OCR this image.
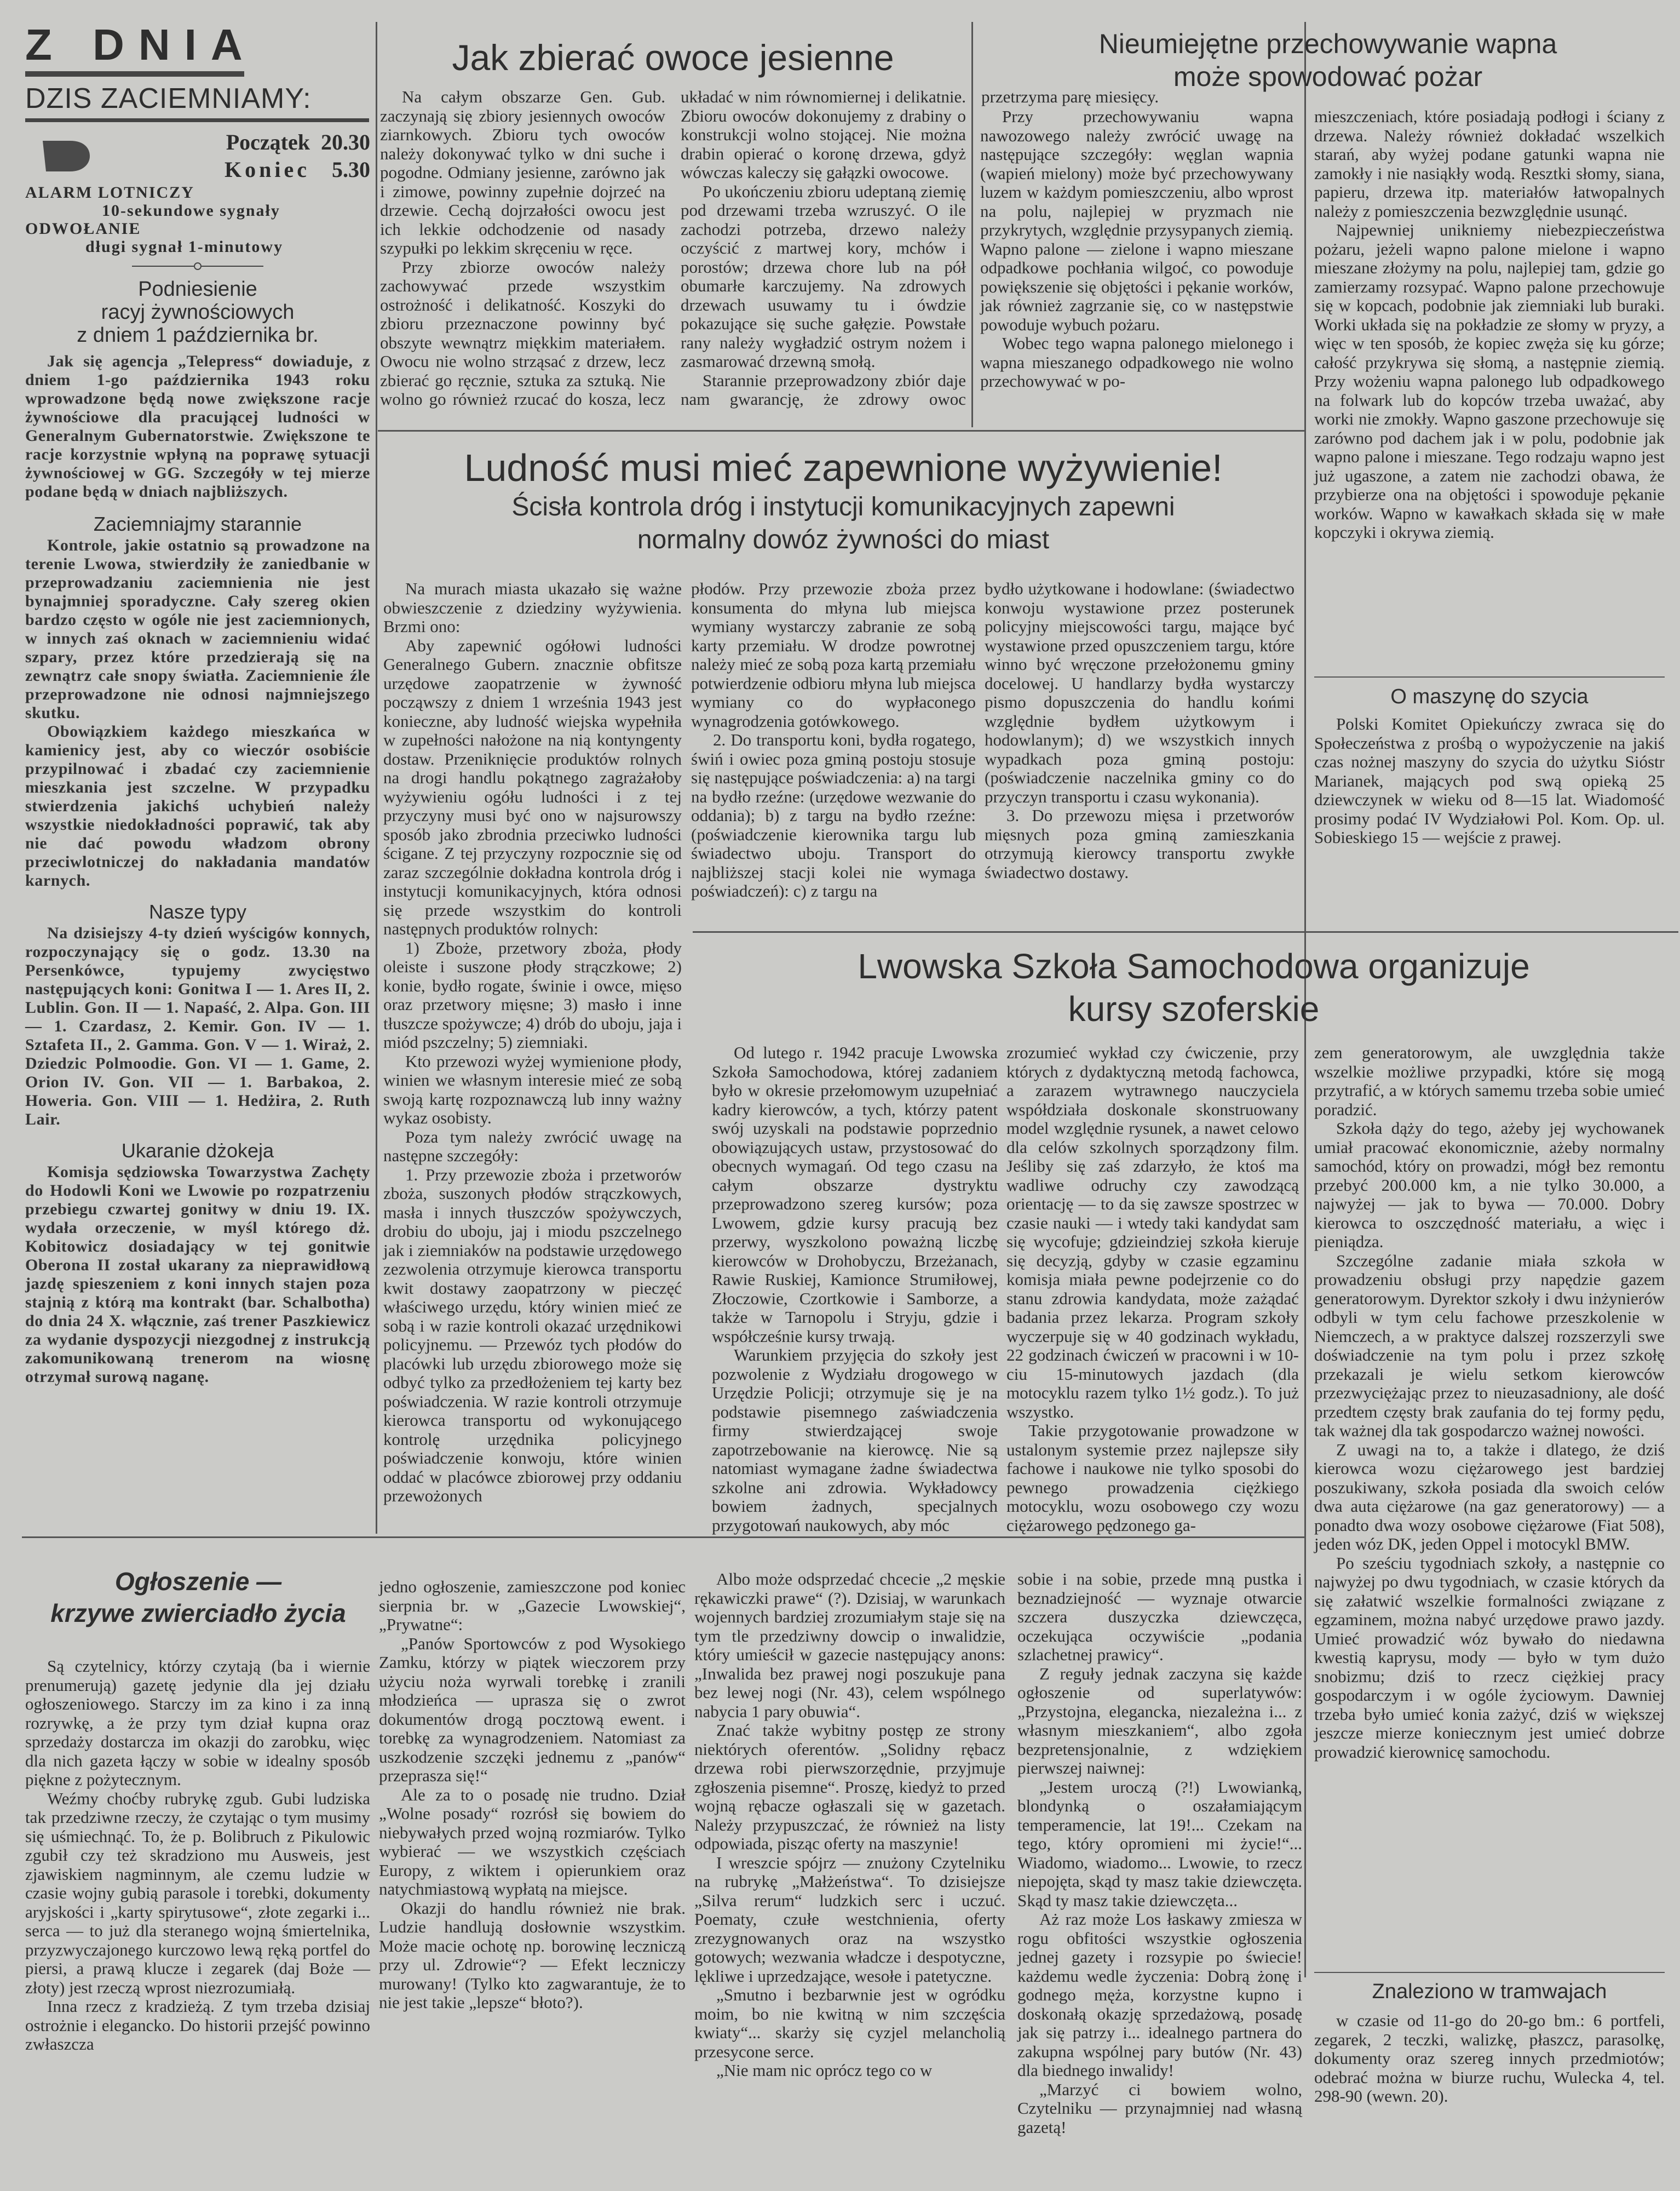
Z DNIA
DZIS ZACIEMNIAMY:
Początek 20.30
Koniec 5.30
ALARM LOTNICZY
10-sekundowe sygnały
ODWOŁANIE
długi sygnał 1-minutowy
Podniesienie
racyj żywnościowych
z dniem 1 października br.

Jak się agencja „Telepress“ dowiaduje, z dniem 1-go października 1943 roku wprowadzone będą nowe zwiększone racje żywnościowe dla pracującej ludności w Generalnym Gubernatorstwie. Zwiększone te racje korzystnie wpłyną na poprawę sytuacji żywnościowej w GG. Szczegóły w tej mierze podane będą w dniach najbliższych.

Zaciemniajmy starannie

Kontrole, jakie ostatnio są prowadzone na terenie Lwowa, stwierdziły że zaniedbanie w przeprowadzaniu zaciemnienia nie jest bynajmniej sporadyczne. Cały szereg okien bardzo często w ogóle nie jest zaciemnionych, w innych zaś oknach w zaciemnieniu widać szpary, przez które przedzierają się na zewnątrz całe snopy światła. Zaciemnienie źle przeprowadzone nie odnosi najmniejszego skutku.

Obowiązkiem każdego mieszkańca w kamienicy jest, aby co wieczór osobiście przypilnować i zbadać czy zaciemnienie mieszkania jest szczelne. W przypadku stwierdzenia jakichś uchybień należy wszystkie niedokładności poprawić, tak aby nie dać powodu władzom obrony przeciwlotniczej do nakładania mandatów karnych.

Nasze typy

Na dzisiejszy 4-ty dzień wyścigów konnych, rozpoczynający się o godz. 13.30 na Persenkówce, typujemy zwycięstwo następujących koni: Gonitwa I — 1. Ares II, 2. Lublin. Gon. II — 1. Napaść, 2. Alpa. Gon. III — 1. Czardasz, 2. Kemir. Gon. IV — 1. Sztafeta II., 2. Gamma. Gon. V — 1. Wiraż, 2. Dziedzic Polmoodie. Gon. VI — 1. Game, 2. Orion IV. Gon. VII — 1. Barbakoa, 2. Howeria. Gon. VIII — 1. Hedżira, 2. Ruth Lair.

Ukaranie dżokeja

Komisja sędziowska Towarzystwa Zachęty do Hodowli Koni we Lwowie po rozpatrzeniu przebiegu czwartej gonitwy w dniu 19. IX. wydała orzeczenie, w myśl którego dż. Kobitowicz dosiadający w tej gonitwie Oberona II został ukarany za nieprawidłową jazdę spieszeniem z koni innych stajen poza stajnią z którą ma kontrakt (bar. Schalbotha) do dnia 24 X. włącznie, zaś trener Paszkiewicz za wydanie dyspozycji niezgodnej z instrukcją zakomunikowaną trenerom na wiosnę otrzymał surową naganę.

Jak zbierać owoce jesienne

Na całym obszarze Gen. Gub. zaczynają się zbiory jesiennych owoców ziarnkowych. Zbioru tych owoców należy dokonywać tylko w dni suche i pogodne. Odmiany jesienne, zarówno jak i zimowe, powinny zupełnie dojrzeć na drzewie. Cechą dojrzałości owocu jest ich lekkie odchodzenie od nasady szypułki po lekkim skręceniu w ręce.

Przy zbiorze owoców należy zachowywać przede wszystkim ostrożność i delikatność. Koszyki do zbioru przeznaczone powinny być obszyte wewnątrz miękkim materiałem. Owocu nie wolno strząsać z drzew, lecz zbierać go ręcznie, sztuka za sztuką. Nie wolno go również rzucać do kosza, lecz układać w nim równomiernej i delikatnie. Zbioru owoców dokonujemy z drabiny o konstrukcji wolno stojącej. Nie można drabin opierać o koronę drzewa, gdyż wówczas kaleczy się gałązki owocowe.

Po ukończeniu zbioru udeptaną ziemię pod drzewami trzeba wzruszyć. O ile zachodzi potrzeba, drzewo należy oczyścić z martwej kory, mchów i porostów; drzewa chore lub na pół obumarłe karczujemy. Na zdrowych drzewach usuwamy tu i ówdzie pokazujące się suche gałęzie. Powstałe rany należy wygładzić ostrym nożem i zasmarować drzewną smołą.

Starannie przeprowadzony zbiór daje nam gwarancję, że zdrowy owoc przetrzyma parę miesięcy.

Nieumiejętne przechowywanie wapna
może spowodować pożar

Przy przechowywaniu wapna nawozowego należy zwrócić uwagę na następujące szczegóły: węglan wapnia (wapień mielony) może być przechowywany luzem w każdym pomieszczeniu, albo wprost na polu, najlepiej w pryzmach nie przykrytych, względnie przysypanych ziemią. Wapno palone — zielone i wapno mieszane odpadkowe pochłania wilgoć, co powoduje powiększenie się objętości i pękanie worków, jak również zagrzanie się, co w następstwie powoduje wybuch pożaru.

Wobec tego wapna palonego mielonego i wapna mieszanego odpadkowego nie wolno przechowywać w po-

mieszczeniach, które posiadają podłogi i ściany z drzewa. Należy również dokładać wszelkich starań, aby wyżej podane gatunki wapna nie zamokły i nie nasiąkły wodą. Resztki słomy, siana, papieru, drzewa itp. materiałów łatwopalnych należy z pomieszczenia bezwzględnie usunąć.

Najpewniej unikniemy niebezpieczeństwa pożaru, jeżeli wapno palone mielone i wapno mieszane złożymy na polu, najlepiej tam, gdzie go zamierzamy rozsypać. Wapno palone przechowuje się w kopcach, podobnie jak ziemniaki lub buraki. Worki układa się na pokładzie ze słomy w pryzy, a więc w ten sposób, że kopiec zwęża się ku górze; całość przykrywa się słomą, a następnie ziemią. Przy wożeniu wapna palonego lub odpadkowego na folwark lub do kopców trzeba uważać, aby worki nie zmokły. Wapno gaszone przechowuje się zarówno pod dachem jak i w polu, podobnie jak wapno palone i mieszane. Tego rodzaju wapno jest już ugaszone, a zatem nie zachodzi obawa, że przybierze ona na objętości i spowoduje pękanie worków. Wapno w kawałkach składa się w małe kopczyki i okrywa ziemią.

O maszynę do szycia

Polski Komitet Opiekuńczy zwraca się do Społeczeństwa z prośbą o wypożyczenie na jakiś czas nożnej maszyny do szycia do użytku Sióstr Marianek, mających pod swą opieką 25 dziewczynek w wieku od 8—15 lat. Wiadomość prosimy podać IV Wydziałowi Pol. Kom. Op. ul. Sobieskiego 15 — wejście z prawej.

Ludność musi mieć zapewnione wyżywienie!
Ścisła kontrola dróg i instytucji komunikacyjnych zapewni
normalny dowóz żywności do miast

Na murach miasta ukazało się ważne obwieszczenie z dziedziny wyżywienia. Brzmi ono:

Aby zapewnić ogółowi ludności Generalnego Gubern. znacznie obfitsze urzędowe zaopatrzenie w żywność począwszy z dniem 1 września 1943 jest konieczne, aby ludność wiejska wypełniła w zupełności nałożone na nią kontyngenty dostaw. Przeniknięcie produktów rolnych na drogi handlu pokątnego zagrażałoby wyżywieniu ogółu ludności i z tej przyczyny musi być ono w najsurowszy sposób jako zbrodnia przeciwko ludności ścigane. Z tej przyczyny rozpocznie się od zaraz szczególnie dokładna kontrola dróg i instytucji komunikacyjnych, która odnosi się przede wszystkim do kontroli następnych produktów rolnych:

1) Zboże, przetwory zboża, płody oleiste i suszone płody strączkowe; 2) konie, bydło rogate, świnie i owce, mięso oraz przetwory mięsne; 3) masło i inne tłuszcze spożywcze; 4) drób do uboju, jaja i miód pszczelny; 5) ziemniaki.

Kto przewozi wyżej wymienione płody, winien we własnym interesie mieć ze sobą swoją kartę rozpoznawczą lub inny ważny wykaz osobisty.

Poza tym należy zwrócić uwagę na następne szczegóły:

1. Przy przewozie zboża i przetworów zboża, suszonych płodów strączkowych, masła i innych tłuszczów spożywczych, drobiu do uboju, jaj i miodu pszczelnego jak i ziemniaków na podstawie urzędowego zezwolenia otrzymuje kierowca transportu kwit dostawy zaopatrzony w pieczęć właściwego urzędu, który winien mieć ze sobą i w razie kontroli okazać urzędnikowi policyjnemu. — Przewóz tych płodów do placówki lub urzędu zbiorowego może się odbyć tylko za przedłożeniem tej karty bez poświadczenia. W razie kontroli otrzymuje kierowca transportu od wykonującego kontrolę urzędnika policyjnego poświadczenie konwoju, które winien oddać w placówce zbiorowej przy oddaniu przewożonych

płodów. Przy przewozie zboża przez konsumenta do młyna lub miejsca wymiany wystarczy zabranie ze sobą karty przemiału. W drodze powrotnej należy mieć ze sobą poza kartą przemiału potwierdzenie odbioru młyna lub miejsca wymiany co do wypłaconego wynagrodzenia gotówkowego.

2. Do transportu koni, bydła rogatego, świń i owiec poza gminą postoju stosuje się następujące poświadczenia: a) na targi na bydło rzeźne: (urzędowe wezwanie do oddania); b) z targu na bydło rzeźne: (poświadczenie kierownika targu lub świadectwo uboju. Transport do najbliższej stacji kolei nie wymaga poświadczeń): c) z targu na

bydło użytkowane i hodowlane: (świadectwo konwoju wystawione przez posterunek policyjny miejscowości targu, mające być wystawione przed opuszczeniem targu, które winno być wręczone przełożonemu gminy docelowej. U handlarzy bydła wystarczy pismo dopuszczenia do handlu końmi względnie bydłem użytkowym i hodowlanym); d) we wszystkich innych wypadkach poza gminą postoju: (poświadczenie naczelnika gminy co do przyczyn transportu i czasu wykonania).

3. Do przewozu mięsa i przetworów mięsnych poza gminą zamieszkania otrzymują kierowcy transportu zwykłe świadectwo dostawy.

Lwowska Szkoła Samochodowa organizuje
kursy szoferskie

Od lutego r. 1942 pracuje Lwowska Szkoła Samochodowa, której zadaniem było w okresie przełomowym uzupełniać kadry kierowców, a tych, którzy patent swój uzyskali na podstawie poprzednio obowiązujących ustaw, przystosować do obecnych wymagań. Od tego czasu na całym obszarze dystryktu przeprowadzono szereg kursów; poza Lwowem, gdzie kursy pracują bez przerwy, wyszkolono poważną liczbę kierowców w Drohobyczu, Brzeżanach, Rawie Ruskiej, Kamionce Strumiłowej, Złoczowie, Czortkowie i Samborze, a także w Tarnopolu i Stryju, gdzie i współcześnie kursy trwają.

Warunkiem przyjęcia do szkoły jest pozwolenie z Wydziału drogowego w Urzędzie Policji; otrzymuje się je na podstawie pisemnego zaświadczenia firmy stwierdzającej swoje zapotrzebowanie na kierowcę. Nie są natomiast wymagane żadne świadectwa szkolne ani zdrowia. Wykładowcy bowiem żadnych, specjalnych przygotowań naukowych, aby móc

zrozumieć wykład czy ćwiczenie, przy których z dydaktyczną metodą fachowca, a zarazem wytrawnego nauczyciela współdziała doskonale skonstruowany model względnie rysunek, a nawet celowo dla celów szkolnych sporządzony film. Jeśliby się zaś zdarzyło, że ktoś ma wadliwe odruchy czy zawodzącą orientację — to da się zawsze spostrzec w czasie nauki — i wtedy taki kandydat sam się wycofuje; gdzieindziej szkoła kieruje się decyzją, gdyby w czasie egzaminu komisja miała pewne podejrzenie co do stanu zdrowia kandydata, może zażądać badania przez lekarza. Program szkoły wyczerpuje się w 40 godzinach wykładu, 22 godzinach ćwiczeń w pracowni i w 10-ciu 15-minutowych jazdach (dla motocyklu razem tylko 1½ godz.). To już wszystko.

Takie przygotowanie prowadzone w ustalonym systemie przez najlepsze siły fachowe i naukowe nie tylko sposobi do pewnego prowadzenia ciężkiego motocyklu, wozu osobowego czy wozu ciężarowego pędzonego ga-

zem generatorowym, ale uwzględnia także wszelkie możliwe przypadki, które się mogą przytrafić, a w których samemu trzeba sobie umieć poradzić.

Szkoła dąży do tego, ażeby jej wychowanek umiał pracować ekonomicznie, ażeby normalny samochód, który on prowadzi, mógł bez remontu przebyć 200.000 km, a nie tylko 30.000, a najwyżej — jak to bywa — 70.000. Dobry kierowca to oszczędność materiału, a więc i pieniądza.

Szczególne zadanie miała szkoła w prowadzeniu obsługi przy napędzie gazem generatorowym. Dyrektor szkoły i dwu inżynierów odbyli w tym celu fachowe przeszkolenie w Niemczech, a w praktyce dalszej rozszerzyli swe doświadczenie na tym polu i przez szkołę przekazali je wielu setkom kierowców przezwyciężając przez to nieuzasadniony, ale dość przedtem częsty brak zaufania do tej formy pędu, tak ważnej dla tak gospodarczo ważnej nowości.

Z uwagi na to, a także i dlatego, że dziś kierowca wozu ciężarowego jest bardziej poszukiwany, szkoła posiada dla swoich celów dwa auta ciężarowe (na gaz generatorowy) — a ponadto dwa wozy osobowe ciężarowe (Fiat 508), jeden wóz DK, jeden Oppel i motocykl BMW.

Po sześciu tygodniach szkoły, a następnie co najwyżej po dwu tygodniach, w czasie których da się załatwić wszelkie formalności związane z egzaminem, można nabyć urzędowe prawo jazdy. Umieć prowadzić wóz bywało do niedawna kwestią kaprysu, mody — było w tym dużo snobizmu; dziś to rzecz ciężkiej pracy gospodarczym i w ogóle życiowym. Dawniej trzeba było umieć konia zażyć, dziś w większej jeszcze mierze koniecznym jest umieć dobrze prowadzić kierownicę samochodu.

Znaleziono w tramwajach

w czasie od 11-go do 20-go bm.: 6 portfeli, zegarek, 2 teczki, walizkę, płaszcz, parasolkę, dokumenty oraz szereg innych przedmiotów; odebrać można w biurze ruchu, Wulecka 4, tel. 298-90 (wewn. 20).

Ogłoszenie —
krzywe zwierciadło życia

Są czytelnicy, którzy czytają (ba i wiernie prenumerują) gazetę jedynie dla jej działu ogłoszeniowego. Starczy im za kino i za inną rozrywkę, a że przy tym dział kupna oraz sprzedaży dostarcza im okazji do zarobku, więc dla nich gazeta łączy w sobie w idealny sposób piękne z pożytecznym.

Weźmy choćby rubrykę zgub. Gubi ludziska tak przedziwne rzeczy, że czytając o tym musimy się uśmiechnąć. To, że p. Bolibruch z Pikulowic zgubił czy też skradziono mu Ausweis, jest zjawiskiem nagminnym, ale czemu ludzie w czasie wojny gubią parasole i torebki, dokumenty aryjskości i „karty spirytusowe“, złote zegarki i... serca — to już dla steranego wojną śmiertelnika, przyzwyczajonego kurczowo lewą ręką portfel do piersi, a prawą klucze i zegarek (daj Boże — złoty) jest rzeczą wprost niezrozumiałą.

Inna rzecz z kradzieżą. Z tym trzeba dzisiaj ostrożnie i elegancko. Do historii przejść powinno zwłaszcza

jedno ogłoszenie, zamieszczone pod koniec sierpnia br. w „Gazecie Lwowskiej“, „Prywatne“:

„Panów Sportowców z pod Wysokiego Zamku, którzy w piątek wieczorem przy użyciu noża wyrwali torebkę i zranili młodzieńca — uprasza się o zwrot dokumentów drogą pocztową ewent. i torebkę za wynagrodzeniem. Natomiast za uszkodzenie szczęki jednemu z „panów“ przeprasza się!“

Ale za to o posadę nie trudno. Dział „Wolne posady“ rozrósł się bowiem do niebywałych przed wojną rozmiarów. Tylko wybierać — we wszystkich częściach Europy, z wiktem i opierunkiem oraz natychmiastową wypłatą na miejsce.

Okazji do handlu również nie brak. Ludzie handlują dosłownie wszystkim. Może macie ochotę np. borowinę leczniczą przy ul. Zdrowie“? — Efekt leczniczy murowany! (Tylko kto zagwarantuje, że to nie jest takie „lepsze“ błoto?).

Albo może odsprzedać chcecie „2 męskie rękawiczki prawe“ (?). Dzisiaj, w warunkach wojennych bardziej zrozumiałym staje się na tym tle przedziwny dowcip o inwalidzie, który umieścił w gazecie następujący anons: „Inwalida bez prawej nogi poszukuje pana bez lewej nogi (Nr. 43), celem wspólnego nabycia 1 pary obuwia“.

Znać także wybitny postęp ze strony niektórych oferentów. „Solidny rębacz drzewa robi pierwszorzędnie, przyjmuje zgłoszenia pisemne“. Proszę, kiedyż to przed wojną rębacze ogłaszali się w gazetach. Należy przypuszczać, że również na listy odpowiada, pisząc oferty na maszynie!

I wreszcie spójrz — znużony Czytelniku na rubrykę „Małżeństwa“. To dzisiejsze „Silva rerum“ ludzkich serc i uczuć. Poematy, czułe westchnienia, oferty zrezygnowanych oraz na wszystko gotowych; wezwania władcze i despotyczne, lękliwe i uprzedzające, wesołe i patetyczne.

„Smutno i bezbarwnie jest w ogródku moim, bo nie kwitną w nim szczęścia kwiaty“... skarży się cyzjel melancholią przesycone serce.

„Nie mam nic oprócz tego co w

sobie i na sobie, przede mną pustka i beznadziejność — wyznaje otwarcie szczera duszyczka dziewczęca, oczekująca oczywiście „podania szlachetnej prawicy“.

Z reguły jednak zaczyna się każde ogłoszenie od superlatywów: „Przystojna, elegancka, niezależna i... z własnym mieszkaniem“, albo zgoła bezpretensjonalnie, z wdziękiem pierwszej naiwnej:

„Jestem uroczą (?!) Lwowianką, blondynką o oszałamiającym temperamencie, lat 19!... Czekam na tego, który opromieni mi życie!“... Wiadomo, wiadomo... Lwowie, to rzecz niepojęta, skąd ty masz takie dziewczęta. Skąd ty masz takie dziewczęta...

Aż raz może Los łaskawy zmiesza w rogu obfitości wszystkie ogłoszenia jednej gazety i rozsypie po świecie! każdemu wedle życzenia: Dobrą żonę i godnego męża, korzystne kupno i doskonałą okazję sprzedażową, posadę jak się patrzy i... idealnego partnera do zakupna wspólnej pary butów (Nr. 43) dla biednego inwalidy!

„Marzyć ci bowiem wolno, Czytelniku — przynajmniej nad własną gazetą!
